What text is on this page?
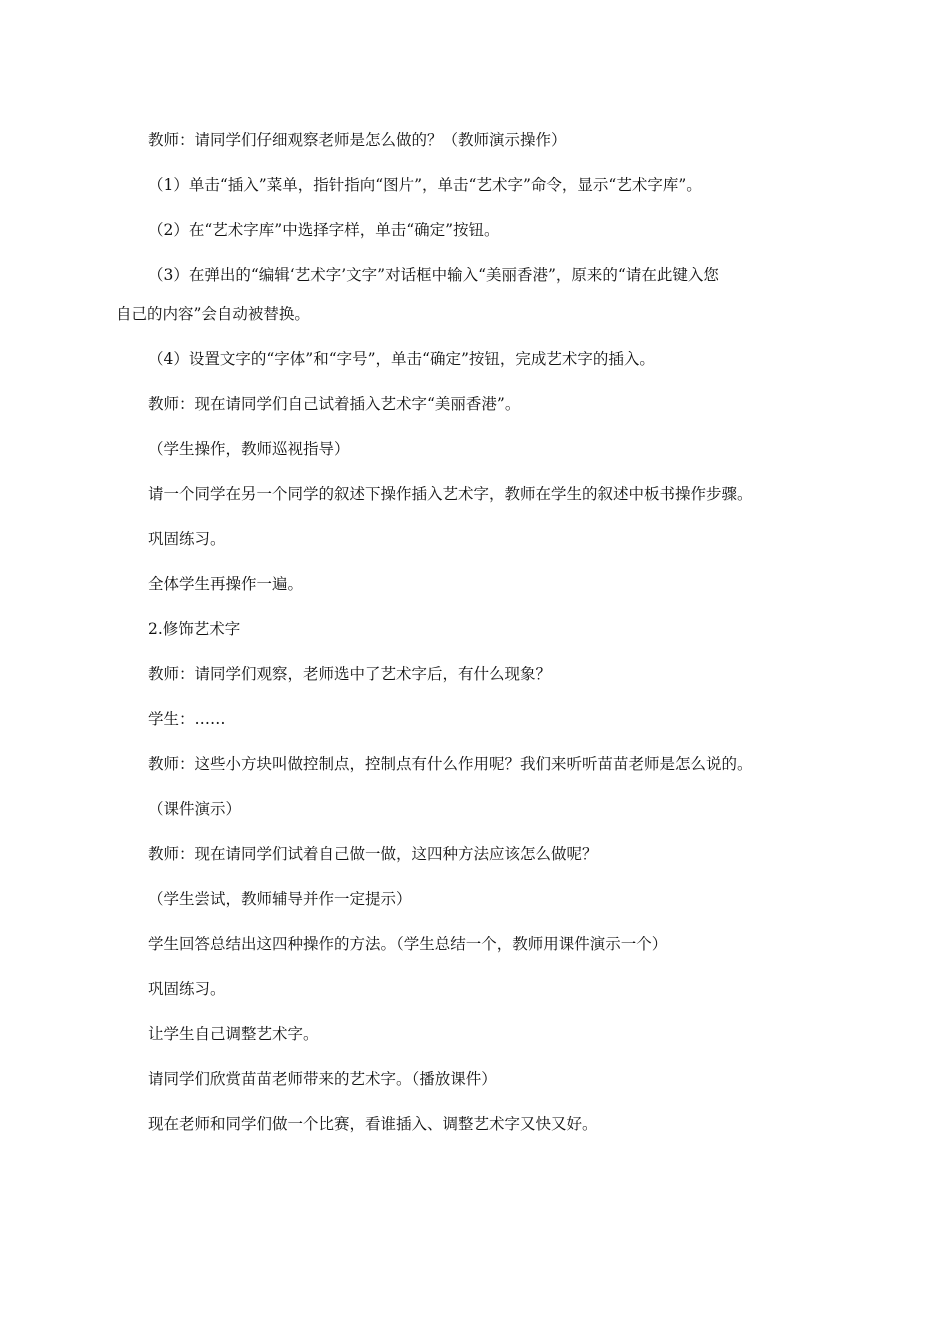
教师：请同学们仔细观察老师是怎么做的？（教师演示操作）
（1）单击“插入”菜单，指针指向“图片”，单击“艺术字”命令，显示“艺术字库”。
（2）在“艺术字库”中选择字样，单击“确定”按钮。
（3）在弹出的“编辑‘艺术字’文字”对话框中输入“美丽香港”，原来的“请在此键入您
自己的内容”会自动被替换。
（4）设置文字的“字体”和“字号”，单击“确定”按钮，完成艺术字的插入。
教师：现在请同学们自己试着插入艺术字“美丽香港”。
（学生操作，教师巡视指导）
请一个同学在另一个同学的叙述下操作插入艺术字，教师在学生的叙述中板书操作步骤。
巩固练习。
全体学生再操作一遍。
2.修饰艺术字
教师：请同学们观察，老师选中了艺术字后，有什么现象？
学生：……
教师：这些小方块叫做控制点，控制点有什么作用呢？我们来听听苗苗老师是怎么说的。
（课件演示）
教师：现在请同学们试着自己做一做，这四种方法应该怎么做呢？
（学生尝试，教师辅导并作一定提示）
学生回答总结出这四种操作的方法。（学生总结一个，教师用课件演示一个）
巩固练习。
让学生自己调整艺术字。
请同学们欣赏苗苗老师带来的艺术字。（播放课件）
现在老师和同学们做一个比赛，看谁插入、调整艺术字又快又好。
